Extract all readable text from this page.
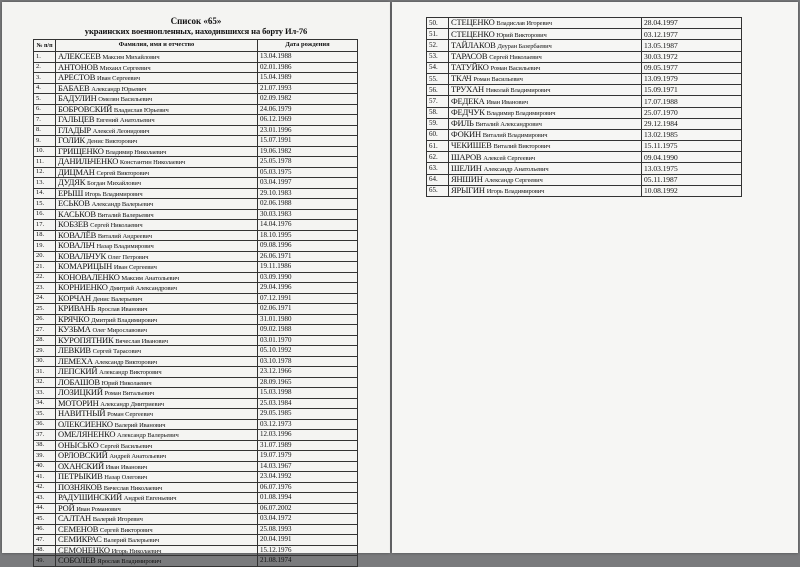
Список «65»
украинских военнопленных, находившихся на борту Ил-76
№ п/п	Фамилия, имя и отчество	Дата рождения
1.	АЛЕКСЕЕВ Максим Михайлович	13.04.1988
2.	АНТОНОВ Михаил Сергеевич	02.01.1986
3.	АРЕСТОВ Иван Сергеевич	15.04.1989
4.	БАБАЕВ Александр Юрьевич	21.07.1993
5.	БАДУЛИН Омелян Васильевич	02.09.1982
6.	БОБРОВСКИЙ Владислав Юрьевич	24.06.1979
7.	ГАЛЬЦЕВ Евгений Анатольевич	06.12.1969
8.	ГЛАДЫР Алексей Леонидович	23.01.1996
9.	ГОЛИК Денис Викторович	15.07.1991
10.	ГРИЩЕНКО Владимир Николаевич	19.06.1982
11.	ДАНИЛЬЧЕНКО Константин Николаевич	25.05.1978
12.	ДИЦМАН Сергей Викторович	05.03.1975
13.	ДУДЯК Богдан Михайлович	03.04.1997
14.	ЕРЫШ Игорь Владимирович	29.10.1983
15.	ЕСЬКОВ Александр Валерьевич	02.06.1988
16.	КАСЬКОВ Виталий Валерьевич	30.03.1983
17.	КОБЗЕВ Сергей Николаевич	14.04.1976
18.	КОВАЛЁВ Виталий Андреевич	18.10.1995
19.	КОВАЛЬЧ Назар Владимирович	09.08.1996
20.	КОВАЛЬЧУК Олег Петрович	26.06.1971
21.	КОМАРИЦЫН Иван Сергеевич	19.11.1986
22.	КОНОВАЛЕНКО Максим Анатольевич	03.09.1990
23.	КОРНИЕНКО Дмитрий Александрович	29.04.1996
24.	КОРЧАН Денис Валерьевич	07.12.1991
25.	КРИВАНЬ Ярослав Иванович	02.06.1971
26.	КРЯЧКО Дмитрий Владимирович	31.01.1980
27.	КУЗЬМА Олег Мирославович	09.02.1988
28.	КУРОПЯТНИК Вячеслав Иванович	03.01.1970
29.	ЛЕВКИВ Сергей Тарасович	05.10.1992
30.	ЛЕМЕХА Александр Викторович	03.10.1978
31.	ЛЕПСКИЙ Александр Викторович	23.12.1966
32.	ЛОБАШОВ Юрий Николаевич	28.09.1965
33.	ЛОЗИЦКИЙ Роман Витальевич	15.03.1998
34.	МОТОРИН Александр Дмитриевич	25.03.1984
35.	НАВИТНЫЙ Роман Сергеевич	29.05.1985
36.	ОЛЕКСИЕНКО Валерий Иванович	03.12.1973
37.	ОМЕЛЯНЕНКО Александр Валерьевич	12.03.1996
38.	ОНЬІСЬКО Сергей Васильевич	31.07.1989
39.	ОРЛОВСКИЙ Андрей Анатольевич	19.07.1979
40.	ОХАНСКИЙ Иван Иванович	14.03.1967
41.	ПЕТРЫКИВ Назар Олегович	23.04.1992
42.	ПОЗНЯКОВ Вячеслав Николаевич	06.07.1976
43.	РАДУШИНСКИЙ Андрей Евгеньевич	01.08.1994
44.	РОЙ Иван Романович	06.07.2002
45.	САЛТАН Валерий Игоревич	03.04.1972
46.	СЕМЕНОВ Сергей Викторович	25.08.1993
47.	СЕМИКРАС Валерий Валерьевич	20.04.1991
48.	СЕМОНЕНКО Игорь Николаевич	15.12.1976
49.	СОБОЛЕВ Ярослав Владимирович	21.08.1974
50.	СТЕЦЕНКО Владислав Игоревич	28.04.1997
51.	СТЕЦЕНКО Юрий Викторович	03.12.1977
52.	ТАЙЛАКОВ Деуран Базербаевич	13.05.1987
53.	ТАРАСОВ Сергей Николаевич	30.03.1972
54.	ТАТУЙКО Роман Васильевич	09.05.1977
55.	ТКАЧ Роман Васильевич	13.09.1979
56.	ТРУХАН Николай Владимирович	15.09.1971
57.	ФЕДЕКА Иван Иванович	17.07.1988
58.	ФЕДЧУК Владимир Владимирович	25.07.1970
59.	ФИЛЬ Виталий Александрович	29.12.1984
60.	ФОКИН Виталий Владимирович	13.02.1985
61.	ЧЕКИШЕВ Виталий Викторович	15.11.1975
62.	ШАРОВ Алексей Сергеевич	09.04.1990
63.	ШЕЛИН Александр Анатольевич	13.03.1975
64.	ЯНШИН Александр Сергеевич	05.11.1987
65.	ЯРЫГИН Игорь Владимирович	10.08.1992
